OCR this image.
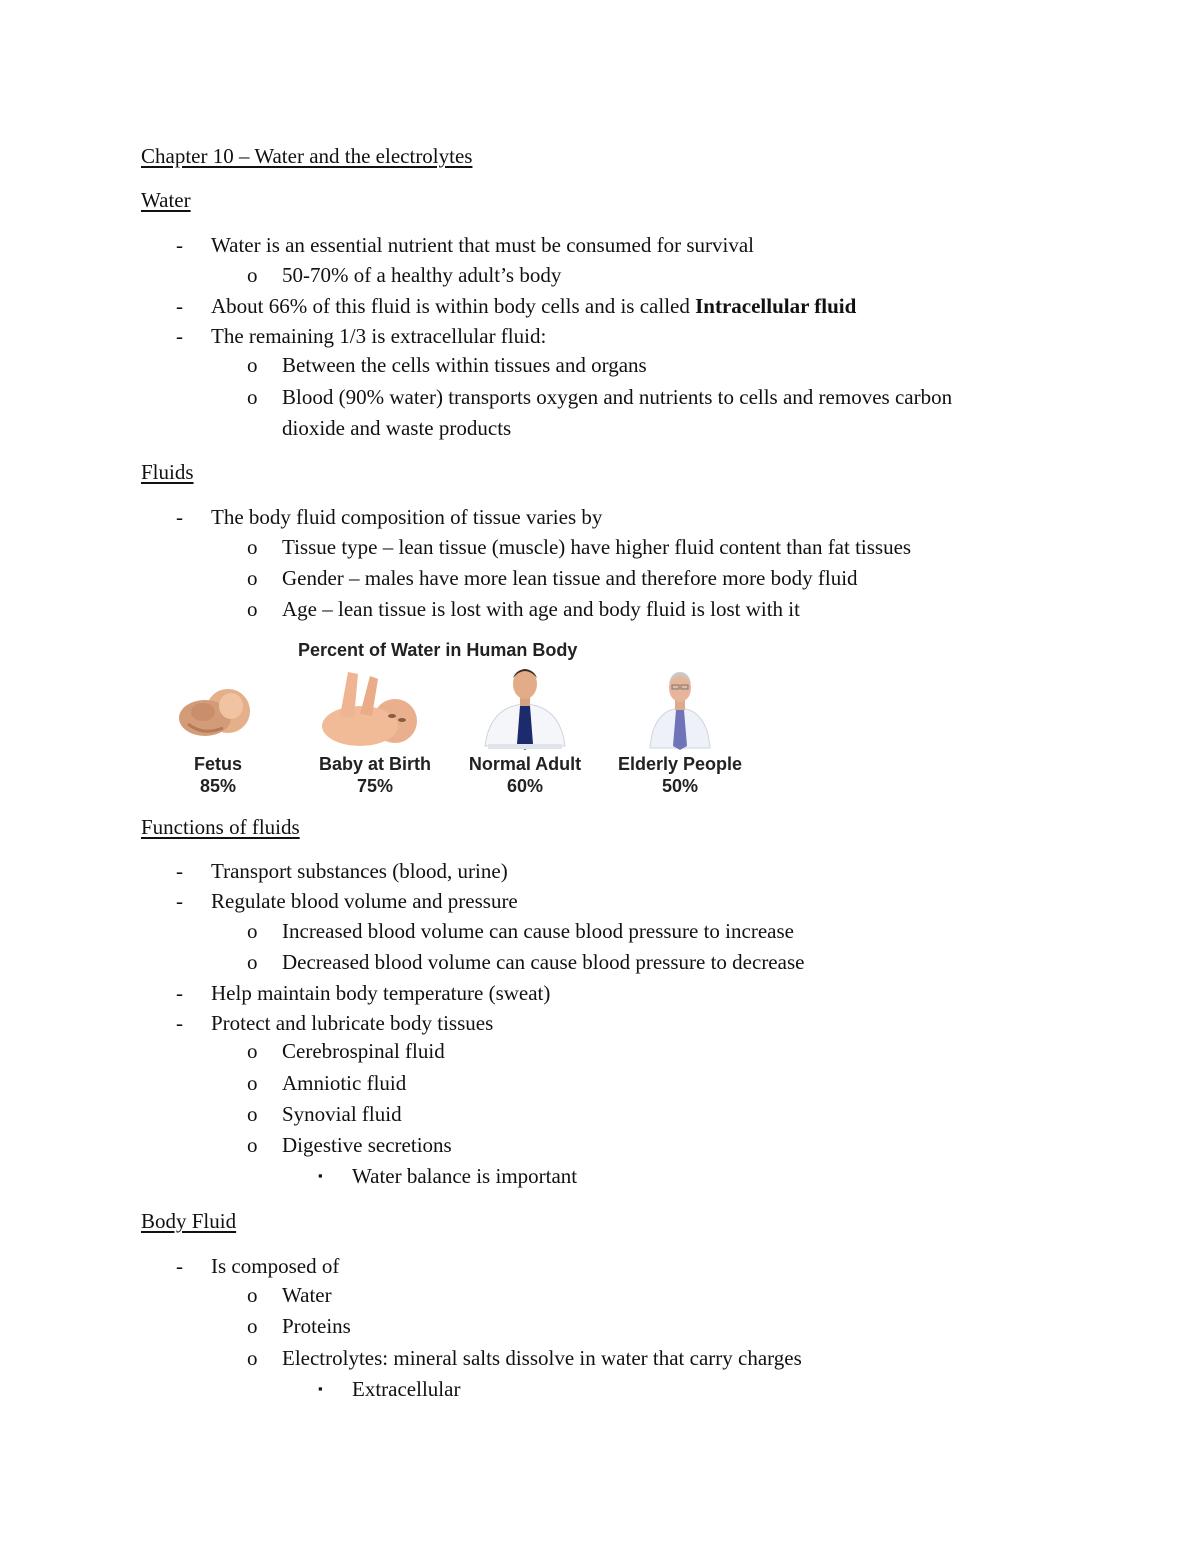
Chapter 10 – Water and the electrolytes
Water
- Water is an essential nutrient that must be consumed for survival
o 50-70% of a healthy adult’s body
- About 66% of this fluid is within body cells and is called Intracellular fluid
- The remaining 1/3 is extracellular fluid:
o Between the cells within tissues and organs
o Blood (90% water) transports oxygen and nutrients to cells and removes carbon
dioxide and waste products
Fluids
- The body fluid composition of tissue varies by
o Tissue type – lean tissue (muscle) have higher fluid content than fat tissues
o Gender – males have more lean tissue and therefore more body fluid
o Age – lean tissue is lost with age and body fluid is lost with it
Percent of Water in Human Body
Fetus
85%
Baby at Birth
75%
Normal Adult
60%
Elderly People
50%
Functions of fluids
- Transport substances (blood, urine)
- Regulate blood volume and pressure
o Increased blood volume can cause blood pressure to increase
o Decreased blood volume can cause blood pressure to decrease
- Help maintain body temperature (sweat)
- Protect and lubricate body tissues
o Cerebrospinal fluid
o Amniotic fluid
o Synovial fluid
o Digestive secretions
▪ Water balance is important
Body Fluid
- Is composed of
o Water
o Proteins
o Electrolytes: mineral salts dissolve in water that carry charges
▪ Extracellular
